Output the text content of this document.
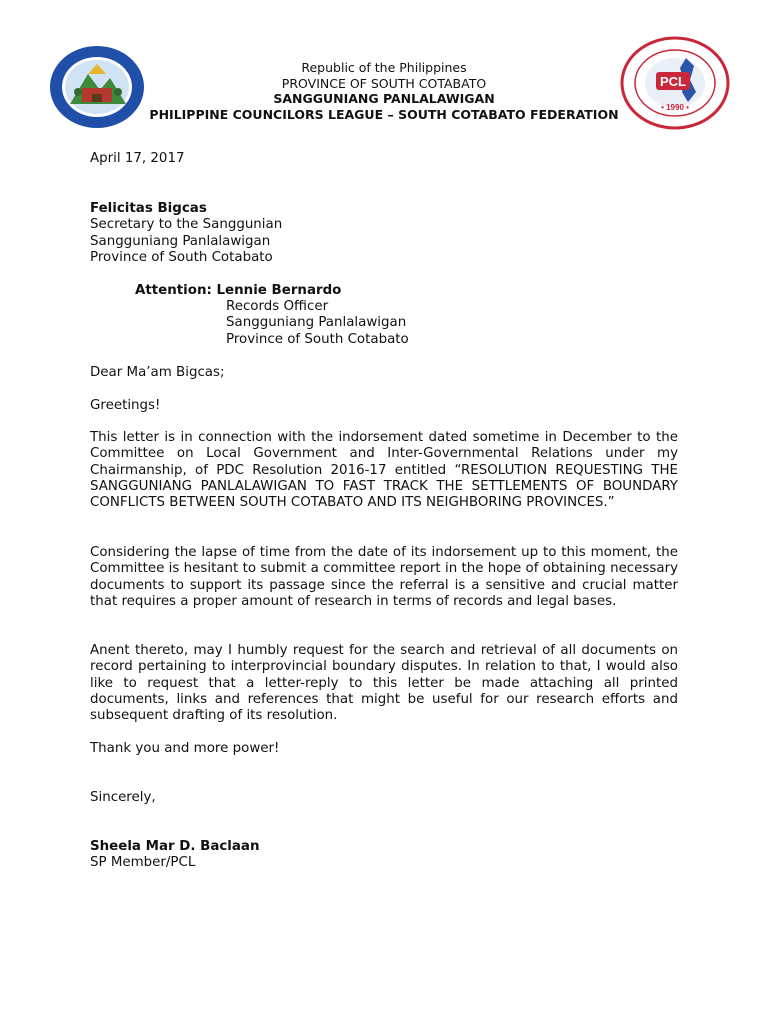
PCL
• 1990 •
Republic of the Philippines
PROVINCE OF SOUTH COTABATO
SANGGUNIANG PANLALAWIGAN
PHILIPPINE COUNCILORS LEAGUE – SOUTH COTABATO FEDERATION
April 17, 2017
Felicitas Bigcas
Secretary to the Sanggunian
Sangguniang Panlalawigan
Province of South Cotabato
Attention: Lennie Bernardo
Records Officer
Sangguniang Panlalawigan
Province of South Cotabato
Dear Ma’am Bigcas;
Greetings!
This letter is in connection with the indorsement dated sometime in December to the Committee on Local Government and Inter-Governmental Relations under my Chairmanship, of PDC Resolution 2016-17 entitled “RESOLUTION REQUESTING THE SANGGUNIANG PANLALAWIGAN TO FAST TRACK THE SETTLEMENTS OF BOUNDARY CONFLICTS BETWEEN SOUTH COTABATO AND ITS NEIGHBORING PROVINCES.”
Considering the lapse of time from the date of its indorsement up to this moment, the Committee is hesitant to submit a committee report in the hope of obtaining necessary documents to support its passage since the referral is a sensitive and crucial matter that requires a proper amount of research in terms of records and legal bases.
Anent thereto, may I humbly request for the search and retrieval of all documents on record pertaining to interprovincial boundary disputes. In relation to that, I would also like to request that a letter-reply to this letter be made attaching all printed documents, links and references that might be useful for our research efforts and subsequent drafting of its resolution.
Thank you and more power!
Sincerely,
Sheela Mar D. Baclaan
SP Member/PCL
